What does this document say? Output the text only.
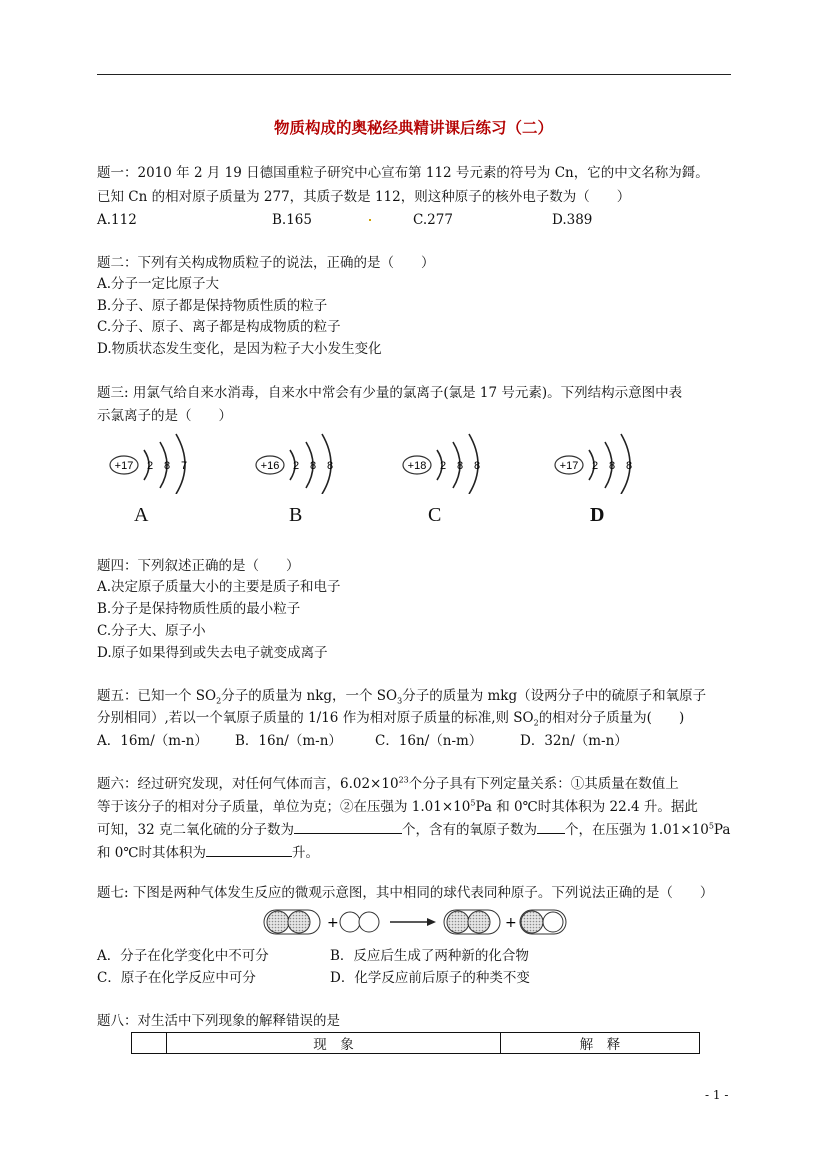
物质构成的奥秘经典精讲课后练习（二）
题一：2010 年 2 月 19 日德国重粒子研究中心宣布第 112 号元素的符号为 Cn，它的中文名称为鎶。
已知 Cn 的相对原子质量为 277，其质子数是 112，则这种原子的核外电子数为（　　）
A.112	B.165	C.277	D.389
题二：下列有关构成物质粒子的说法，正确的是（　　）
A.分子一定比原子大
B.分子、原子都是保持物质性质的粒子
C.分子、原子、离子都是构成物质的粒子
D.物质状态发生变化，是因为粒子大小发生变化
题三: 用氯气给自来水消毒，自来水中常会有少量的氯离子(氯是 17 号元素)。下列结构示意图中表
示氯离子的是（　　）
+17 2 8 7
A
+16 2 8 8
B
+18 2 8 8
C
+17 2 8 8
D
题四：下列叙述正确的是（　　）
A.决定原子质量大小的主要是质子和电子
B.分子是保持物质性质的最小粒子
C.分子大、原子小
D.原子如果得到或失去电子就变成离子
题五：已知一个 $SO_2$分子的质量为 nkg，一个 $SO_3$分子的质量为 mkg（设两分子中的硫原子和氧原子
分别相同）,若以一个氧原子质量的 1/16 作为相对原子质量的标准,则 $SO_2$的相对分子质量为(　　)
A．16m/（m-n） B．16n/（m-n） C．16n/（n-m）	D．32n/（m-n）
题六：经过研究发现，对任何气体而言，$6.02\times 10^{23}$个分子具有下列定量关系：①其质量在数值上
等于该分子的相对分子质量，单位为克；②在压强为 $1.01\times 10^5Pa$ 和 0℃时其体积为 22.4 升。据此
可知，32 克二氧化硫的分子数为	个，含有的氧原子数为 个，在压强为 $1.01\times 10^5Pa$
和 0℃时其体积为	升。
题七: 下图是两种气体发生反应的微观示意图，其中相同的球代表同种原子。下列说法正确的是（　　）
+	+
A．分子在化学变化中不可分	B．反应后生成了两种新的化合物
C．原子在化学反应中可分	D．化学反应前后原子的种类不变
题八：对生活中下列现象的解释错误的是
	现　象	解　释
- 1 -
